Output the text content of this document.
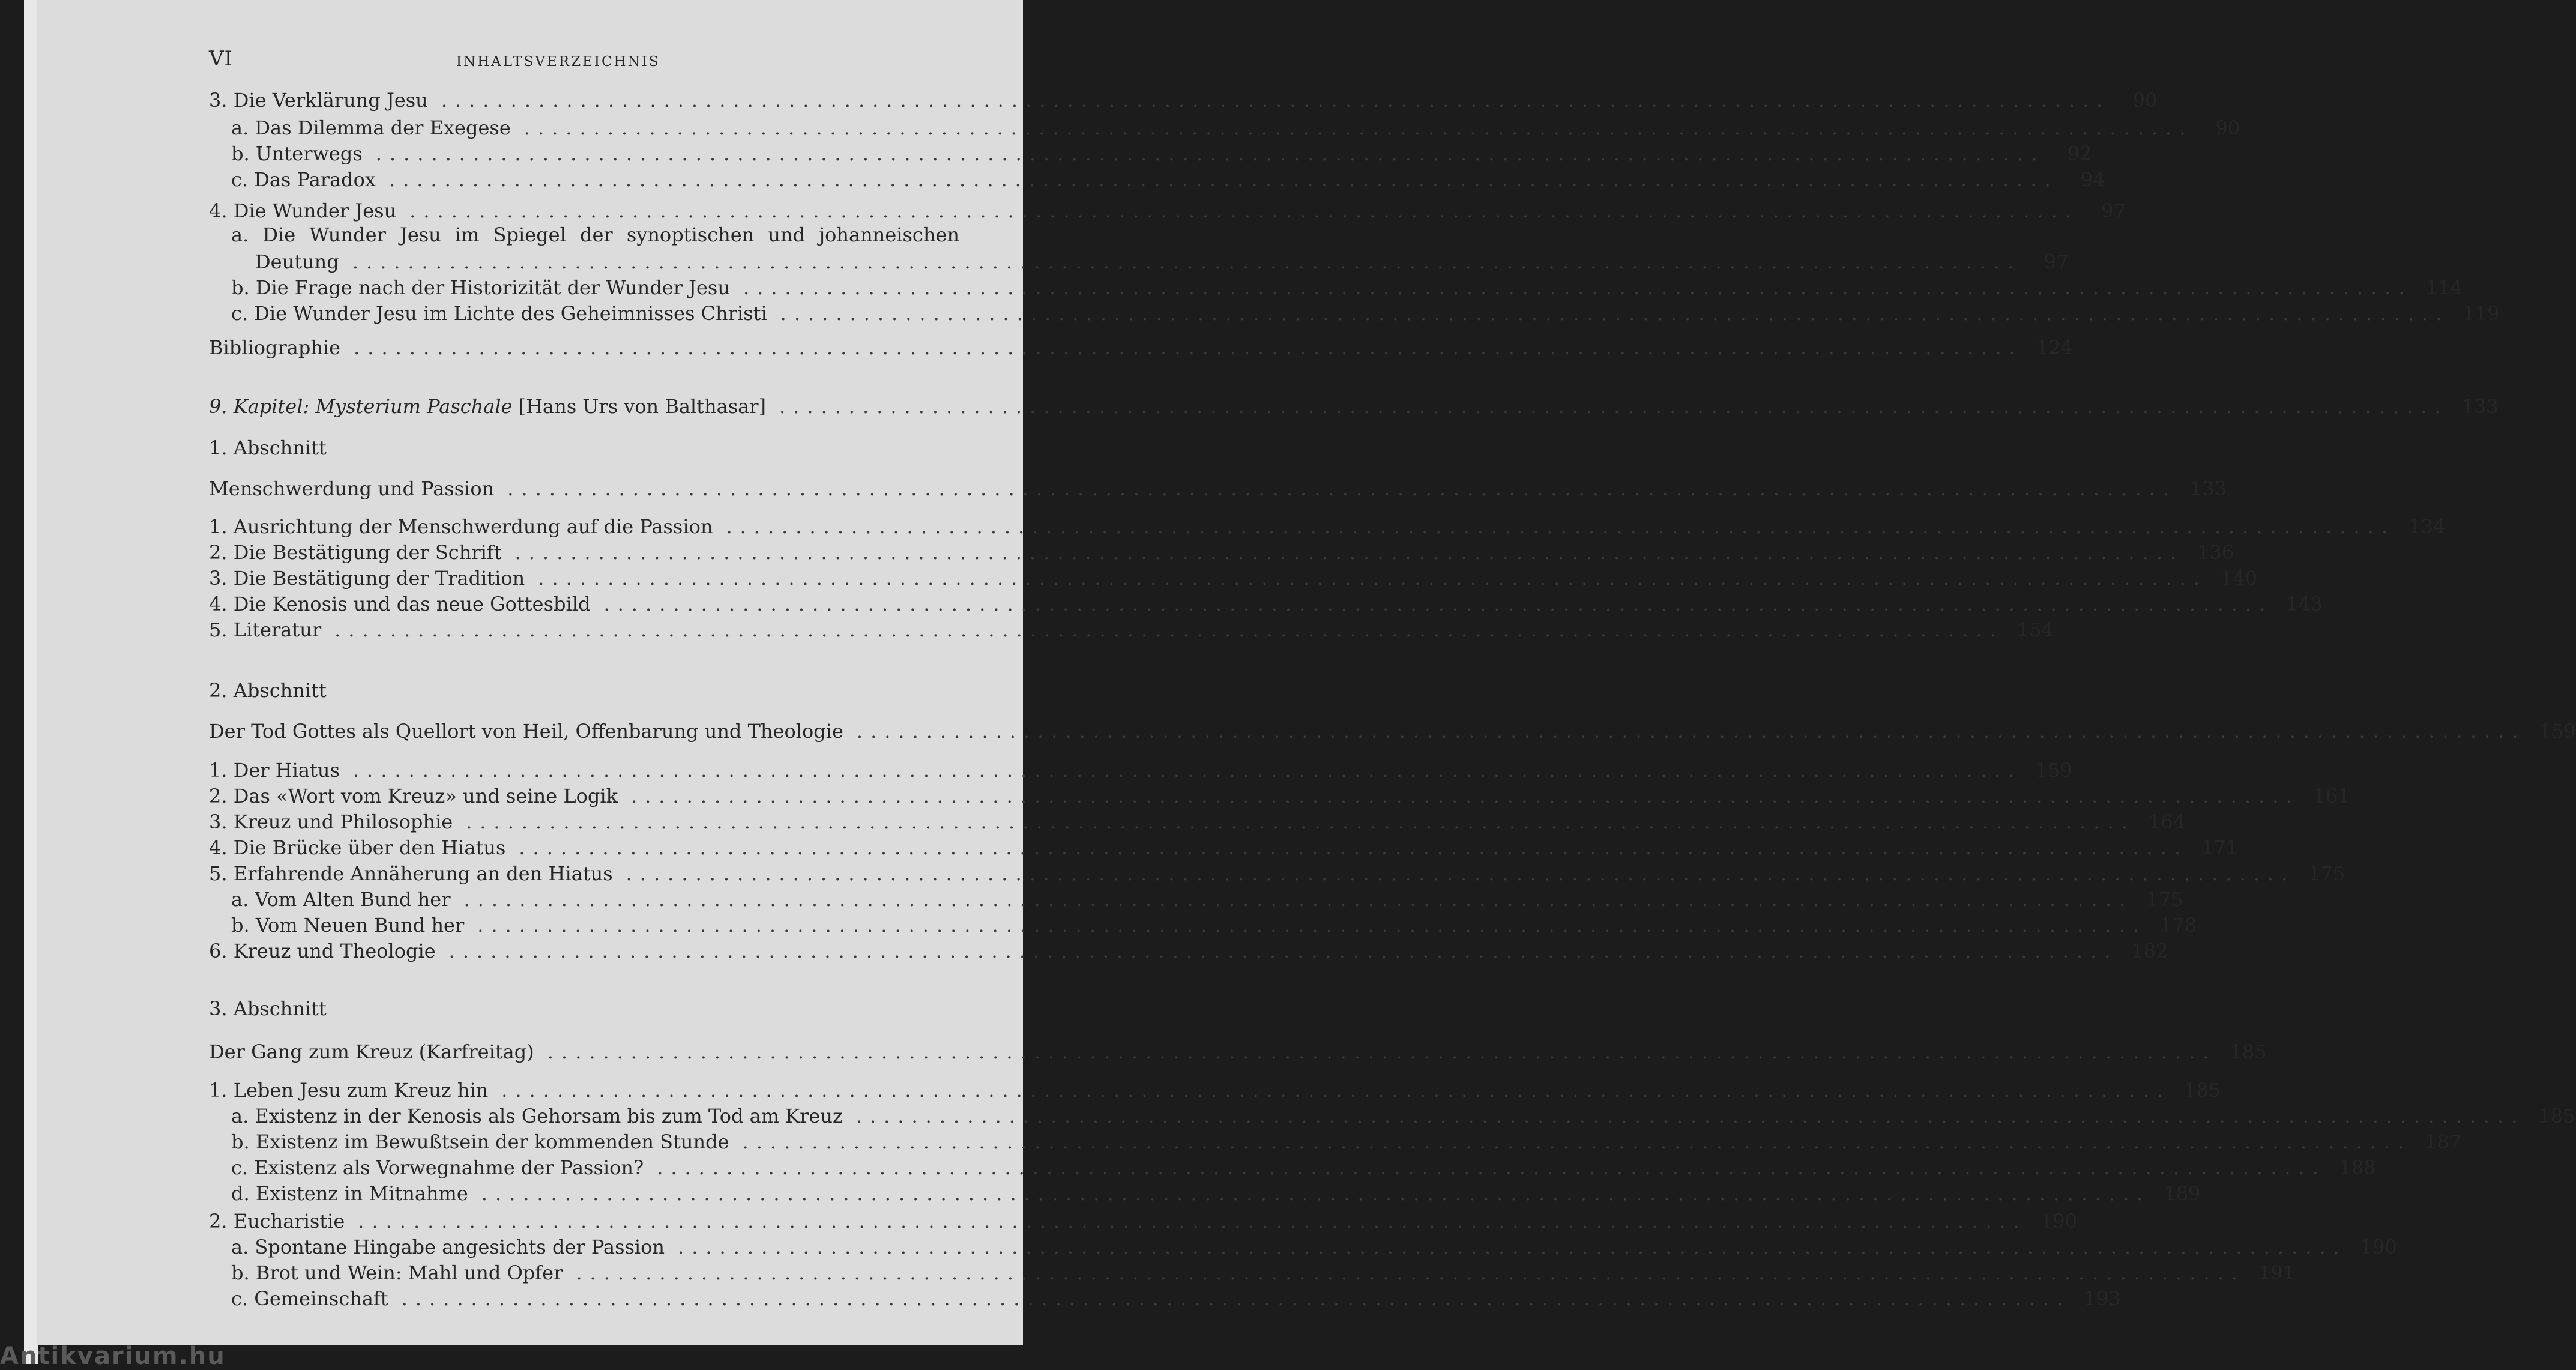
VI	INHALTSVERZEICHNIS
3. Die Verklärung Jesu ........................................................................................................................	90
a. Das Dilemma der Exegese ........................................................................................................................	90
b. Unterwegs ........................................................................................................................	92
c. Das Paradox ........................................................................................................................	94
4. Die Wunder Jesu ........................................................................................................................	97
a. Die Wunder Jesu im Spiegel der synoptischen und johanneischen
Deutung ........................................................................................................................	97
b. Die Frage nach der Historizität der Wunder Jesu ........................................................................................................................ 114
c. Die Wunder Jesu im Lichte des Geheimnisses Christi ........................................................................................................................ 119
Bibliographie ........................................................................................................................ 124
9. Kapitel: Mysterium Paschale [Hans Urs von Balthasar] ........................................................................................................................ 133
1. Abschnitt
Menschwerdung und Passion ........................................................................................................................ 133
1. Ausrichtung der Menschwerdung auf die Passion ........................................................................................................................ 134
2. Die Bestätigung der Schrift ........................................................................................................................ 136
3. Die Bestätigung der Tradition ........................................................................................................................ 140
4. Die Kenosis und das neue Gottesbild ........................................................................................................................ 143
5. Literatur ........................................................................................................................ 154
2. Abschnitt
Der Tod Gottes als Quellort von Heil, Offenbarung und Theologie ........................................................................................................................ 159
1. Der Hiatus ........................................................................................................................ 159
2. Das «Wort vom Kreuz» und seine Logik ........................................................................................................................ 161
3. Kreuz und Philosophie ........................................................................................................................ 164
4. Die Brücke über den Hiatus ........................................................................................................................ 171
5. Erfahrende Annäherung an den Hiatus ........................................................................................................................ 175
a. Vom Alten Bund her ........................................................................................................................ 175
b. Vom Neuen Bund her ........................................................................................................................ 178
6. Kreuz und Theologie ........................................................................................................................ 182
3. Abschnitt
Der Gang zum Kreuz (Karfreitag) ........................................................................................................................ 185
1. Leben Jesu zum Kreuz hin ........................................................................................................................ 185
a. Existenz in der Kenosis als Gehorsam bis zum Tod am Kreuz ........................................................................................................................ 185
b. Existenz im Bewußtsein der kommenden Stunde ........................................................................................................................ 187
c. Existenz als Vorwegnahme der Passion? ........................................................................................................................ 188
d. Existenz in Mitnahme ........................................................................................................................ 189
2. Eucharistie ........................................................................................................................ 190
a. Spontane Hingabe angesichts der Passion ........................................................................................................................ 190
b. Brot und Wein: Mahl und Opfer ........................................................................................................................ 191
c. Gemeinschaft ........................................................................................................................ 193
Antikvarium.hu
